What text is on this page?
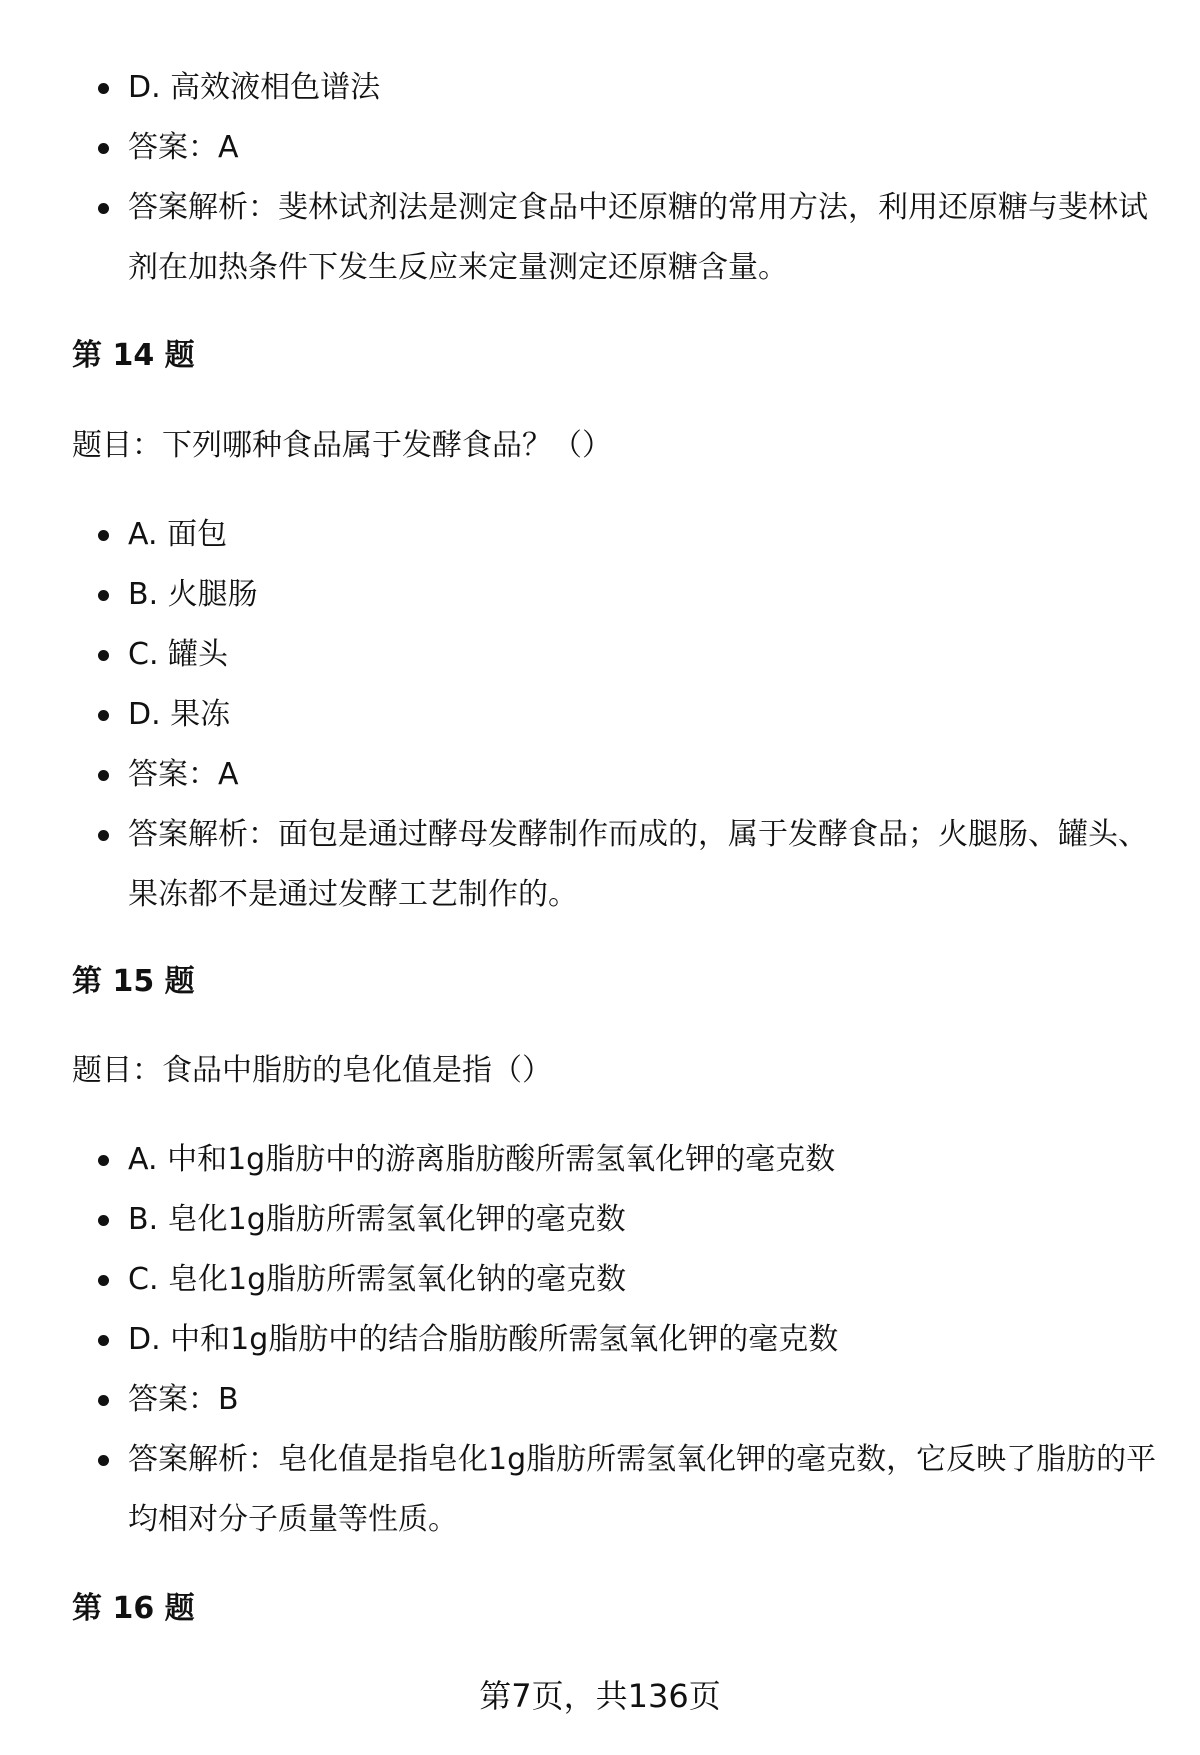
D. 高效液相色谱法
答案：A
答案解析：斐林试剂法是测定食品中还原糖的常用方法，利用还原糖与斐林试剂在加热条件下发生反应来定量测定还原糖含量。
第 14 题

题目：下列哪种食品属于发酵食品？（）

A. 面包
B. 火腿肠
C. 罐头
D. 果冻
答案：A
答案解析：面包是通过酵母发酵制作而成的，属于发酵食品；火腿肠、罐头、果冻都不是通过发酵工艺制作的。
第 15 题

题目：食品中脂肪的皂化值是指（）

A. 中和1g脂肪中的游离脂肪酸所需氢氧化钾的毫克数
B. 皂化1g脂肪所需氢氧化钾的毫克数
C. 皂化1g脂肪所需氢氧化钠的毫克数
D. 中和1g脂肪中的结合脂肪酸所需氢氧化钾的毫克数
答案：B
答案解析：皂化值是指皂化1g脂肪所需氢氧化钾的毫克数，它反映了脂肪的平均相对分子质量等性质。
第 16 题
第7页，共136页
